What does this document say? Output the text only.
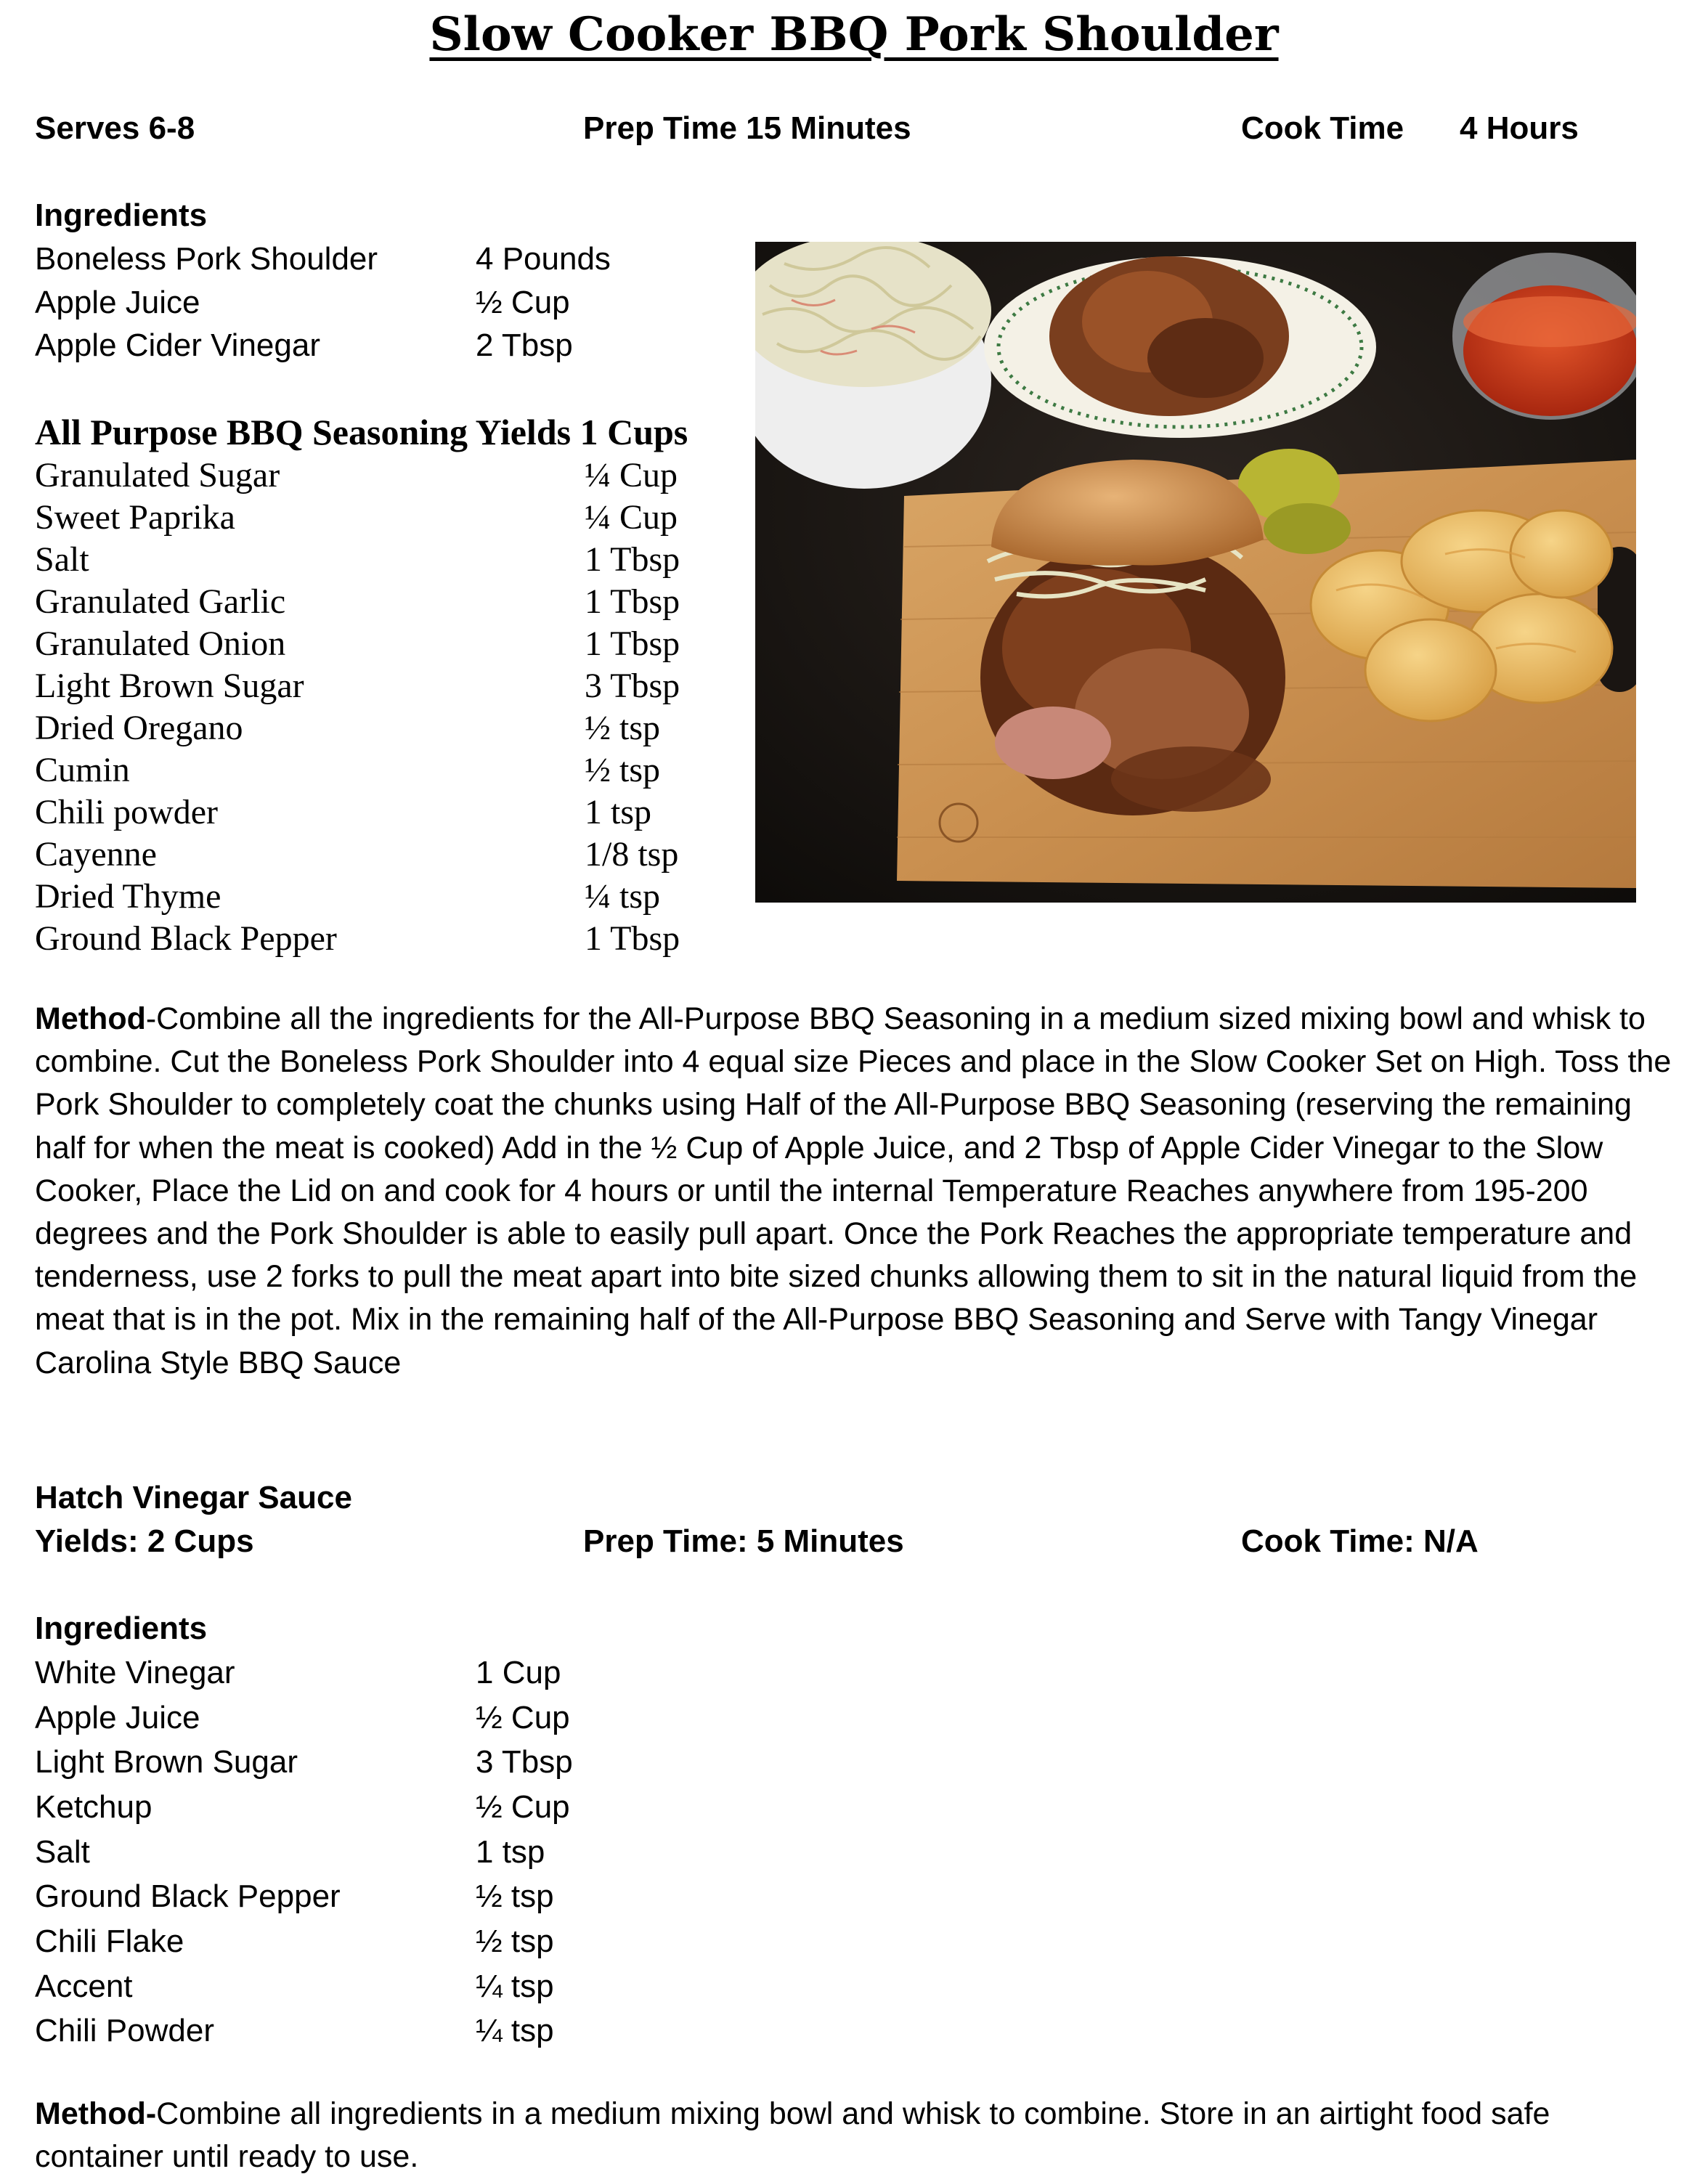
Slow Cooker BBQ Pork Shoulder
Serves 6-8	Prep Time 15 Minutes	Cook Time 4 Hours
Ingredients
Boneless Pork Shoulder	4 Pounds
Apple Juice	½ Cup
Apple Cider Vinegar	2 Tbsp
All Purpose BBQ Seasoning Yields 1 Cups
Granulated Sugar	¼ Cup
Sweet Paprika	¼ Cup
Salt	1 Tbsp
Granulated Garlic	1 Tbsp
Granulated Onion	1 Tbsp
Light Brown Sugar	3 Tbsp
Dried Oregano	½ tsp
Cumin	½ tsp
Chili powder	1 tsp
Cayenne	1/8 tsp
Dried Thyme	¼ tsp
Ground Black Pepper	1 Tbsp
Method-Combine all the ingredients for the All-Purpose BBQ Seasoning in a medium sized mixing bowl and whisk to combine. Cut the Boneless Pork Shoulder into 4 equal size Pieces and place in the Slow Cooker Set on High. Toss the Pork Shoulder to completely coat the chunks using Half of the All-Purpose BBQ Seasoning (reserving the remaining half for when the meat is cooked) Add in the ½ Cup of Apple Juice, and 2 Tbsp of Apple Cider Vinegar to the Slow Cooker, Place the Lid on and cook for 4 hours or until the internal Temperature Reaches anywhere from 195-200 degrees and the Pork Shoulder is able to easily pull apart. Once the Pork Reaches the appropriate temperature and tenderness, use 2 forks to pull the meat apart into bite sized chunks allowing them to sit in the natural liquid from the meat that is in the pot. Mix in the remaining half of the All-Purpose BBQ Seasoning and Serve with Tangy Vinegar Carolina Style BBQ Sauce
Hatch Vinegar Sauce
Yields: 2 Cups	Prep Time: 5 Minutes	Cook Time: N/A
Ingredients
White Vinegar	1 Cup
Apple Juice	½ Cup
Light Brown Sugar	3 Tbsp
Ketchup	½ Cup
Salt	1 tsp
Ground Black Pepper	½ tsp
Chili Flake	½ tsp
Accent	¼ tsp
Chili Powder	¼ tsp
Method-Combine all ingredients in a medium mixing bowl and whisk to combine. Store in an airtight food safe container until ready to use.
